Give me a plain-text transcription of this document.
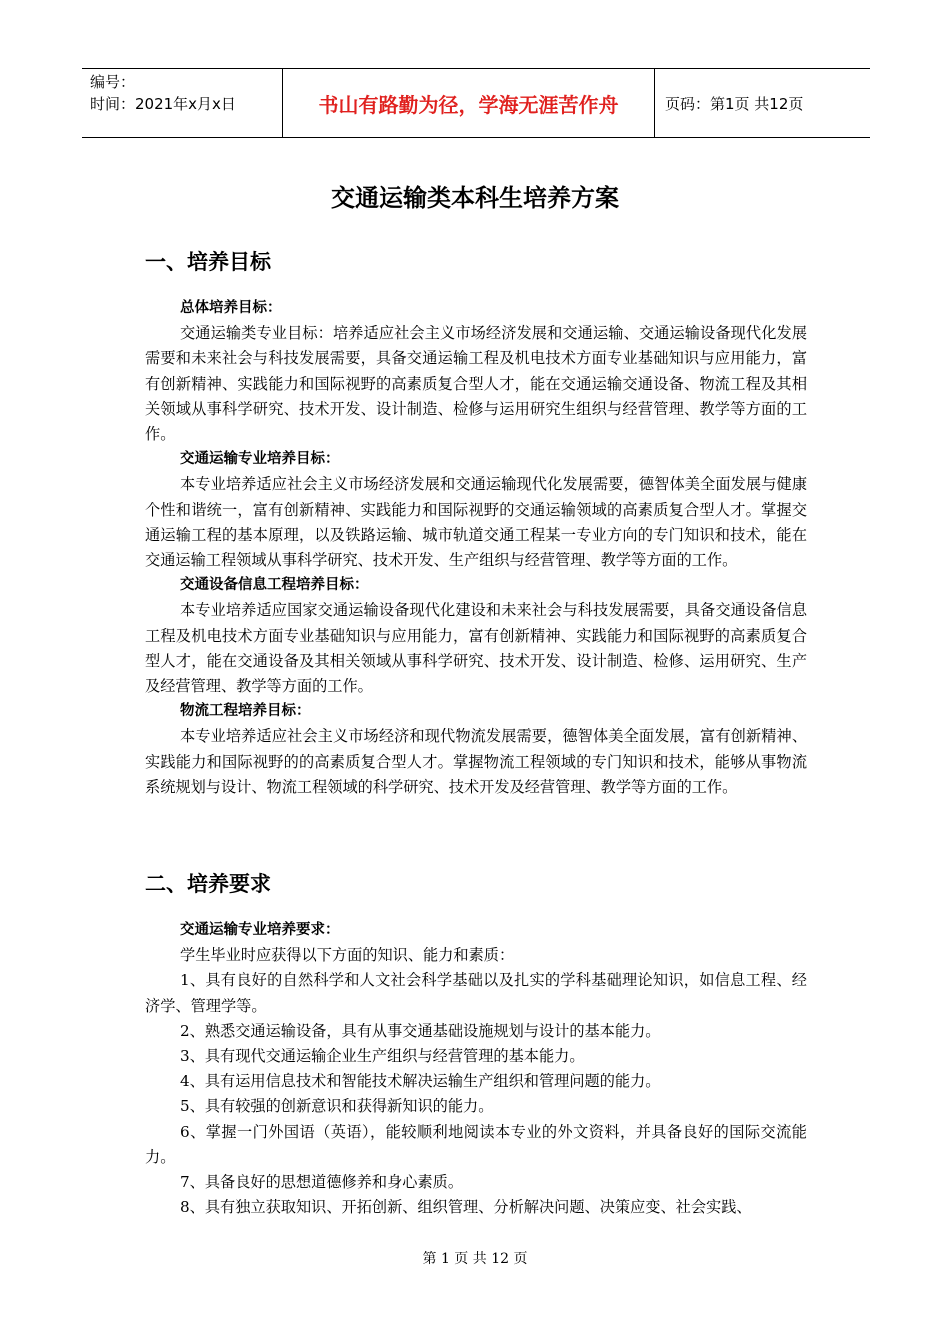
编号：
时间：2021年x月x日	书山有路勤为径，学海无涯苦作舟	页码：第1页 共12页
交通运输类本科生培养方案
一、培养目标

总体培养目标：

交通运输类专业目标：培养适应社会主义市场经济发展和交通运输、交通运输设备现代化发展需要和未来社会与科技发展需要，具备交通运输工程及机电技术方面专业基础知识与应用能力，富有创新精神、实践能力和国际视野的高素质复合型人才，能在交通运输交通设备、物流工程及其相关领域从事科学研究、技术开发、设计制造、检修与运用研究生组织与经营管理、教学等方面的工作。

交通运输专业培养目标：

本专业培养适应社会主义市场经济发展和交通运输现代化发展需要，德智体美全面发展与健康个性和谐统一，富有创新精神、实践能力和国际视野的交通运输领域的高素质复合型人才。掌握交通运输工程的基本原理，以及铁路运输、城市轨道交通工程某一专业方向的专门知识和技术，能在交通运输工程领域从事科学研究、技术开发、生产组织与经营管理、教学等方面的工作。

交通设备信息工程培养目标：

本专业培养适应国家交通运输设备现代化建设和未来社会与科技发展需要，具备交通设备信息工程及机电技术方面专业基础知识与应用能力，富有创新精神、实践能力和国际视野的高素质复合型人才，能在交通设备及其相关领域从事科学研究、技术开发、设计制造、检修、运用研究、生产及经营管理、教学等方面的工作。

物流工程培养目标：

本专业培养适应社会主义市场经济和现代物流发展需要，德智体美全面发展，富有创新精神、实践能力和国际视野的的高素质复合型人才。掌握物流工程领域的专门知识和技术，能够从事物流系统规划与设计、物流工程领域的科学研究、技术开发及经营管理、教学等方面的工作。

二、培养要求

交通运输专业培养要求：

学生毕业时应获得以下方面的知识、能力和素质：

1、具有良好的自然科学和人文社会科学基础以及扎实的学科基础理论知识，如信息工程、经济学、管理学等。

2、熟悉交通运输设备，具有从事交通基础设施规划与设计的基本能力。

3、具有现代交通运输企业生产组织与经营管理的基本能力。

4、具有运用信息技术和智能技术解决运输生产组织和管理问题的能力。

5、具有较强的创新意识和获得新知识的能力。

6、掌握一门外国语（英语），能较顺利地阅读本专业的外文资料，并具备良好的国际交流能力。

7、具备良好的思想道德修养和身心素质。

8、具有独立获取知识、开拓创新、组织管理、分析解决问题、决策应变、社会实践、

第 1 页 共 12 页
